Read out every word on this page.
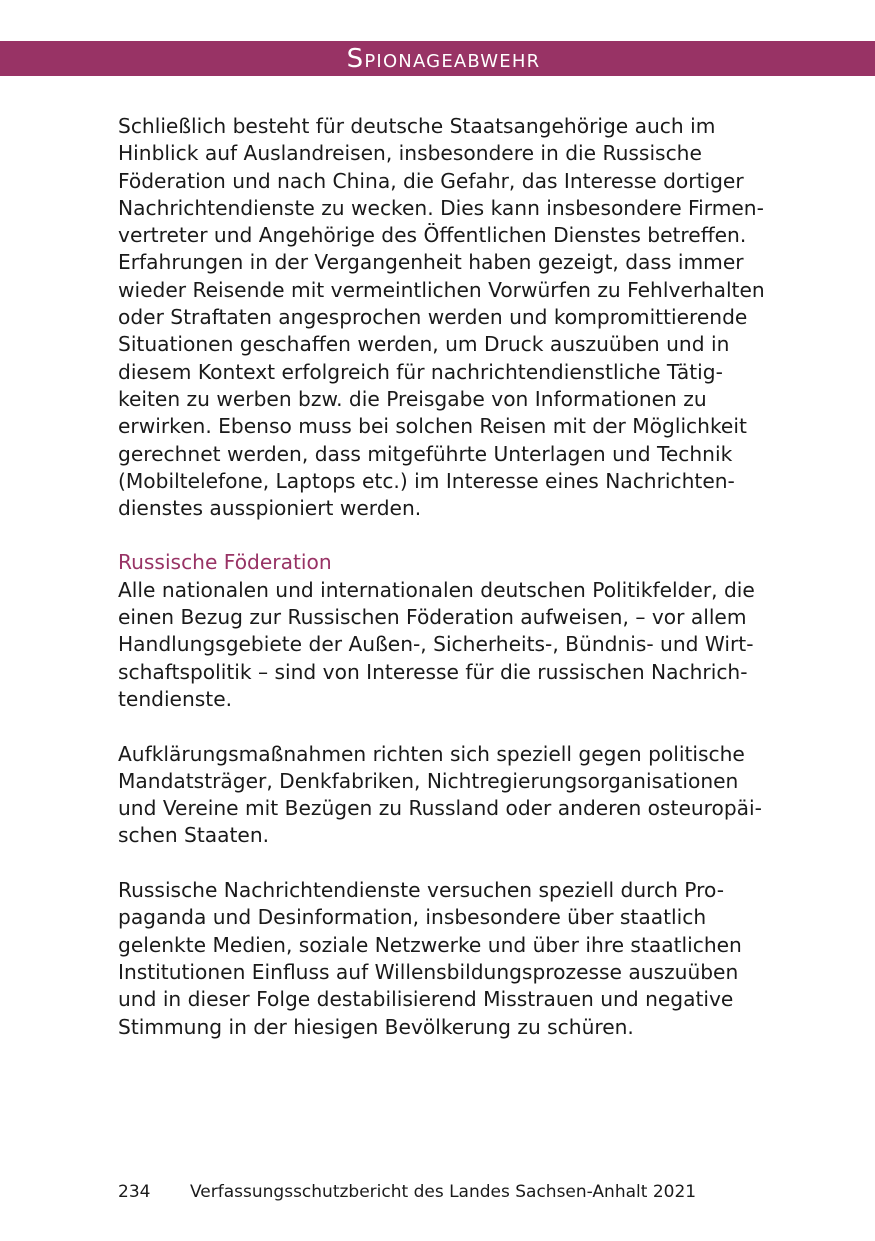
Spionageabwehr

Schließlich besteht für deutsche Staatsangehörige auch im
Hinblick auf Auslandreisen, insbesondere in die Russische
Föderation und nach China, die Gefahr, das Interesse dortiger
Nachrichtendienste zu wecken. Dies kann insbesondere Firmen-
vertreter und Angehörige des Öffentlichen Dienstes betreffen.
Erfahrungen in der Vergangenheit haben gezeigt, dass immer
wieder Reisende mit vermeintlichen Vorwürfen zu Fehlverhalten
oder Straftaten angesprochen werden und kompromittierende
Situationen geschaffen werden, um Druck auszuüben und in
diesem Kontext erfolgreich für nachrichtendienstliche Tätig-
keiten zu werben bzw. die Preisgabe von Informationen zu
erwirken. Ebenso muss bei solchen Reisen mit der Möglichkeit
gerechnet werden, dass mitgeführte Unterlagen und Technik
(Mobiltelefone, Laptops etc.) im Interesse eines Nachrichten-
dienstes ausspioniert werden.

Russische Föderation

Alle nationalen und internationalen deutschen Politikfelder, die
einen Bezug zur Russischen Föderation aufweisen, – vor allem
Handlungsgebiete der Außen-, Sicherheits-, Bündnis- und Wirt-
schaftspolitik – sind von Interesse für die russischen Nachrich-
tendienste.

Aufklärungsmaßnahmen richten sich speziell gegen politische
Mandatsträger, Denkfabriken, Nichtregierungsorganisationen
und Vereine mit Bezügen zu Russland oder anderen osteuropäi-
schen Staaten.

Russische Nachrichtendienste versuchen speziell durch Pro-
paganda und Desinformation, insbesondere über staatlich
gelenkte Medien, soziale Netzwerke und über ihre staatlichen
Institutionen Einfluss auf Willensbildungsprozesse auszuüben
und in dieser Folge destabilisierend Misstrauen und negative
Stimmung in der hiesigen Bevölkerung zu schüren.

234 Verfassungsschutzbericht des Landes Sachsen-Anhalt 2021
